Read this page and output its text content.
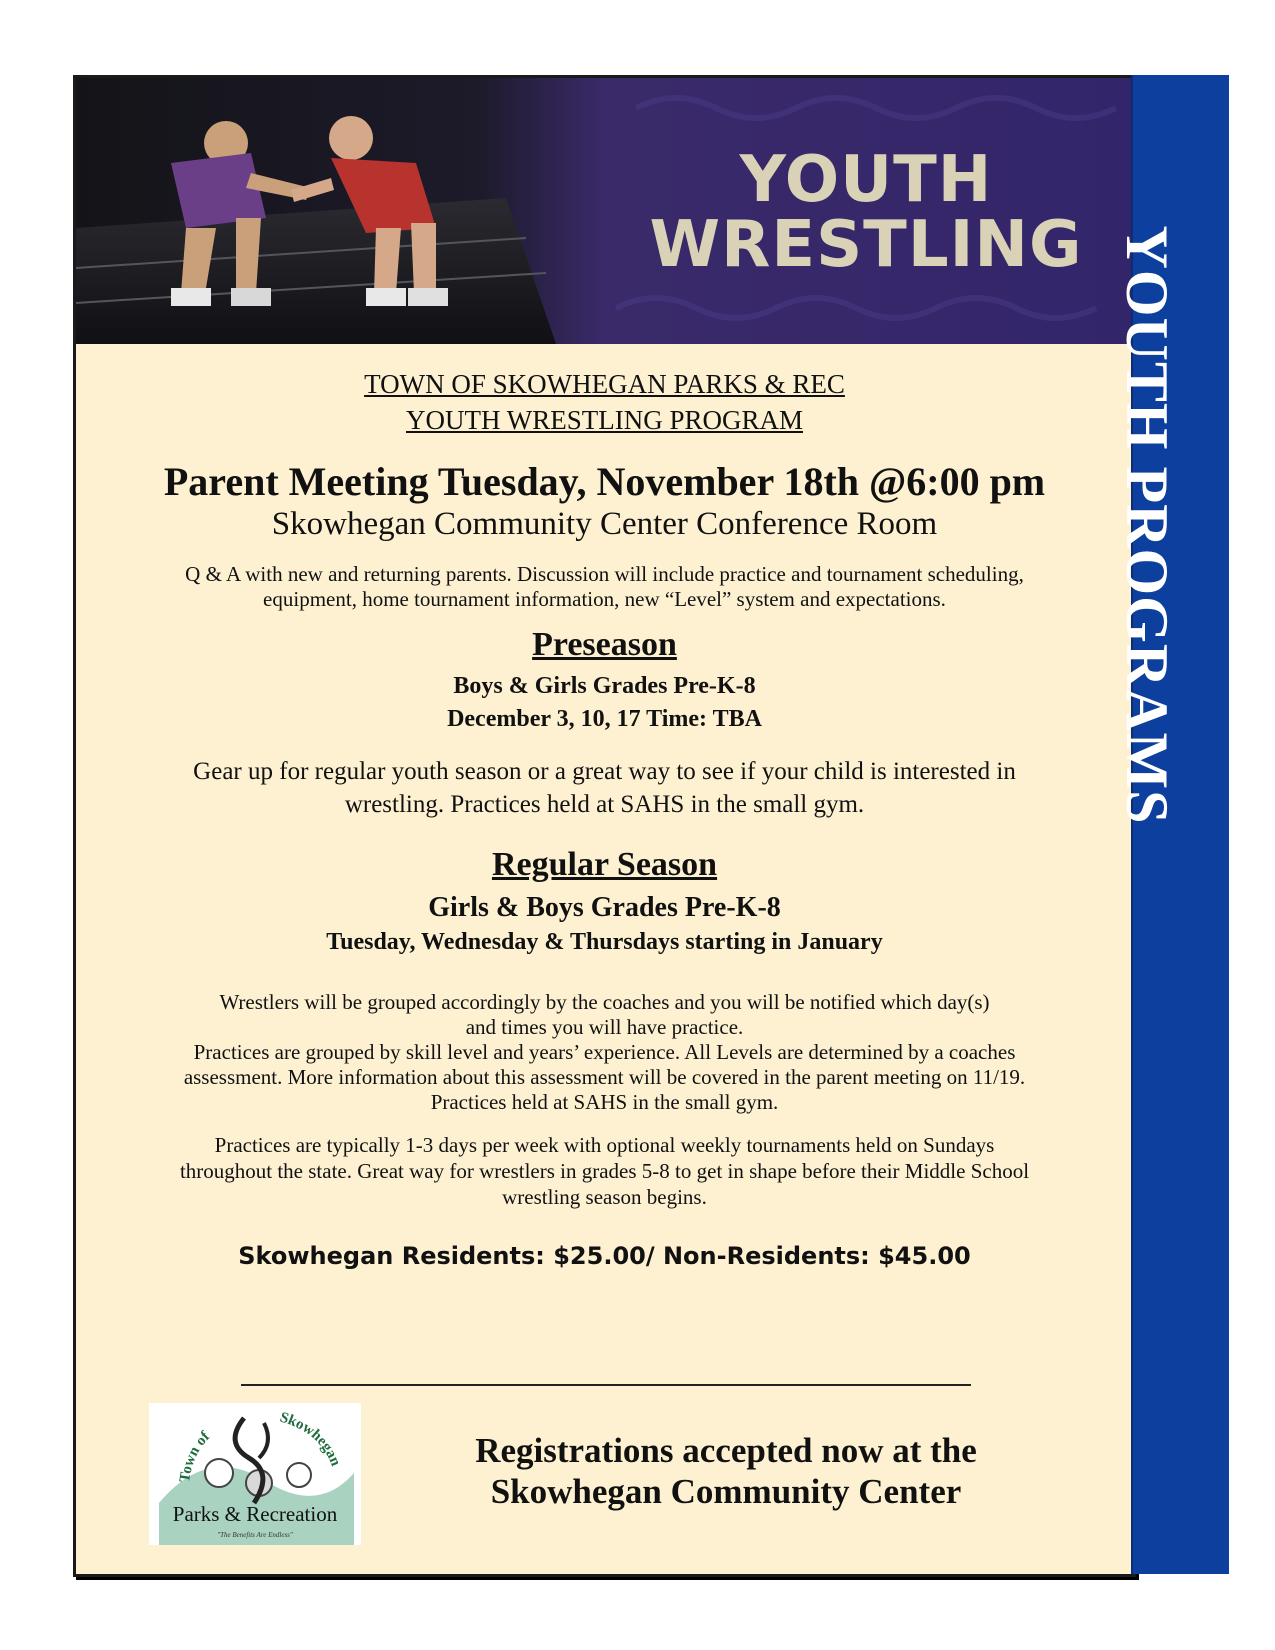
YOUTH
WRESTLING
TOWN OF SKOWHEGAN PARKS & REC
YOUTH WRESTLING PROGRAM
Parent Meeting Tuesday, November 18th @6:00 pm
Skowhegan Community Center Conference Room
Q & A with new and returning parents. Discussion will include practice and tournament scheduling,
equipment, home tournament information, new “Level” system and expectations.
Preseason
Boys & Girls Grades Pre-K-8
December 3, 10, 17 Time: TBA
Gear up for regular youth season or a great way to see if your child is interested in
wrestling. Practices held at SAHS in the small gym.
Regular Season
Girls & Boys Grades Pre-K-8
Tuesday, Wednesday & Thursdays starting in January
Wrestlers will be grouped accordingly by the coaches and you will be notified which day(s)
and times you will have practice.
Practices are grouped by skill level and years’ experience. All Levels are determined by a coaches
assessment. More information about this assessment will be covered in the parent meeting on 11/19.
Practices held at SAHS in the small gym.
Practices are typically 1-3 days per week with optional weekly tournaments held on Sundays
throughout the state. Great way for wrestlers in grades 5-8 to get in shape before their Middle School
wrestling season begins.
Skowhegan Residents: $25.00/ Non-Residents: $45.00
Town of
Skowhegan
Parks & Recreation
"The Benefits Are Endless"
Registrations accepted now at the
Skowhegan Community Center
YOUTH PROGRAMS
